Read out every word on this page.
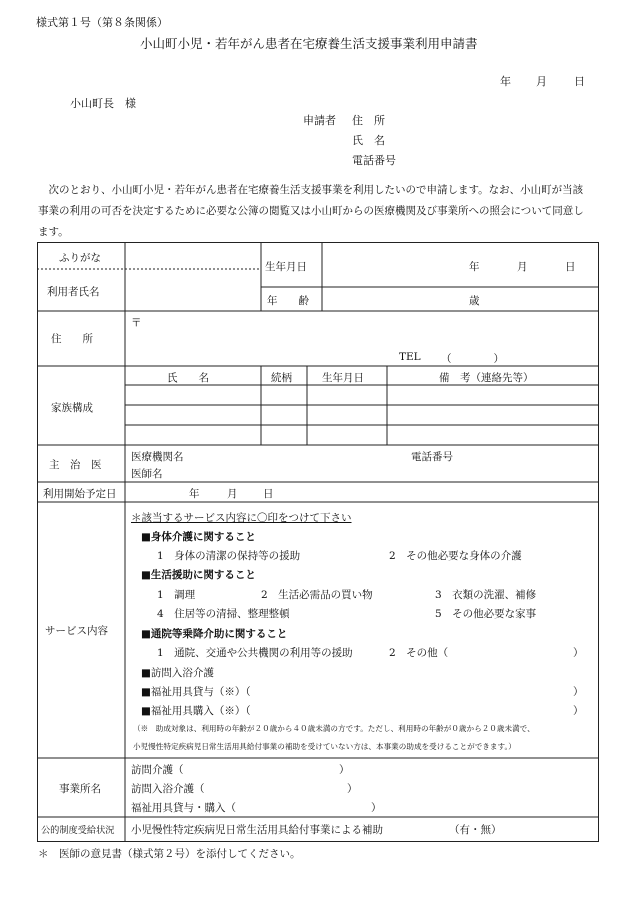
様式第１号（第８条関係）
小山町小児・若年がん患者在宅療養生活支援事業利用申請書
年 月 日
小山町長　様
申請者 住　所
氏　名
電話番号
次のとおり、小山町小児・若年がん患者在宅療養生活支援事業を利用したいので申請します。なお、小山町が当該事業の利用の可否を決定するために必要な公簿の閲覧又は小山町からの医療機関及び事業所への照会について同意します。
ふりがな
利用者氏名
生年月日	年	月	日
年　　齢	歳
住　　所
〒
TEL （　　　　）
家族構成
氏　　名	続柄	生年月日	備　考（連絡先等）
主　治　医
医療機関名	電話番号
医師名
利用開始予定日	年	月 日
サービス内容
＊該当するサービス内容に〇印をつけて下さい
■身体介護に関すること
1　身体の清潔の保持等の援助	2　その他必要な身体の介護
■生活援助に関すること
1　調理	2　生活必需品の買い物	3　衣類の洗濯、補修
4　住居等の清掃、整理整頓	5　その他必要な家事
■通院等乗降介助に関すること
1　通院、交通や公共機関の利用等の援助	2　その他（	）
■訪問入浴介護
■福祉用具貸与（※）（	）
■福祉用具購入（※）（	）
（※　助成対象は、利用時の年齢が２０歳から４０歳未満の方です。ただし、利用時の年齢が０歳から２０歳未満で、
小児慢性特定疾病児日常生活用具給付事業の補助を受けていない方は、本事業の助成を受けることができます。）
事業所名
訪問介護（	）
訪問入浴介護（	）
福祉用具貸与・購入（	）
公的制度受給状況 小児慢性特定疾病児日常生活用具給付事業による補助	（有・無）
＊　医師の意見書（様式第２号）を添付してください。
